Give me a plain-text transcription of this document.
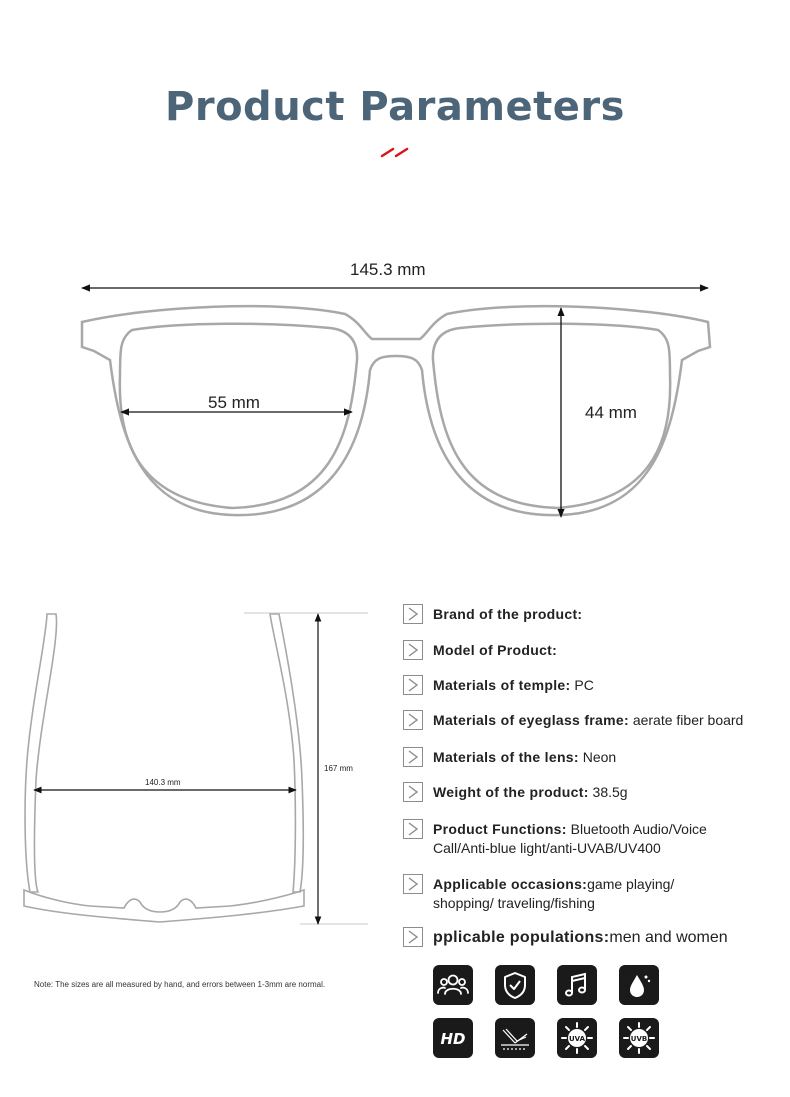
Product Parameters
145.3 mm
55 mm
44 mm
140.3 mm
167 mm
Note: The sizes are all measured by hand, and errors between 1-3mm are normal.
Brand of the product:
Model of Product:
Materials of temple: PC
Materials of eyeglass frame: aerate fiber board
Materials of the lens: Neon
Weight of the product: 38.5g
Product Functions: Bluetooth Audio/Voice Call/Anti-blue light/anti-UVAB/UV400
Applicable occasions:game playing/ shopping/ traveling/fishing
pplicable populations:men and women
HD	UVA	UVB
